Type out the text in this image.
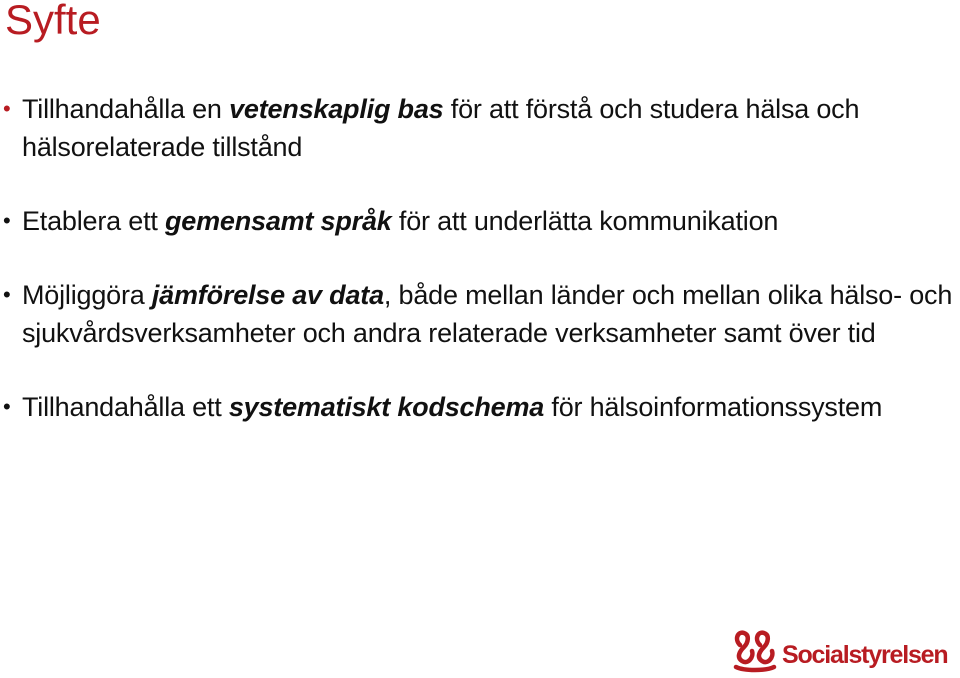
Syfte
• Tillhandahålla en vetenskaplig bas för att förstå och studera hälsa och hälsorelaterade tillstånd
• Etablera ett gemensamt språk för att underlätta kommunikation
• Möjliggöra jämförelse av data, både mellan länder och mellan olika hälso- och sjukvårdsverksamheter och andra relaterade verksamheter samt över tid
• Tillhandahålla ett systematiskt kodschema för hälsoinformationssystem
Socialstyrelsen
